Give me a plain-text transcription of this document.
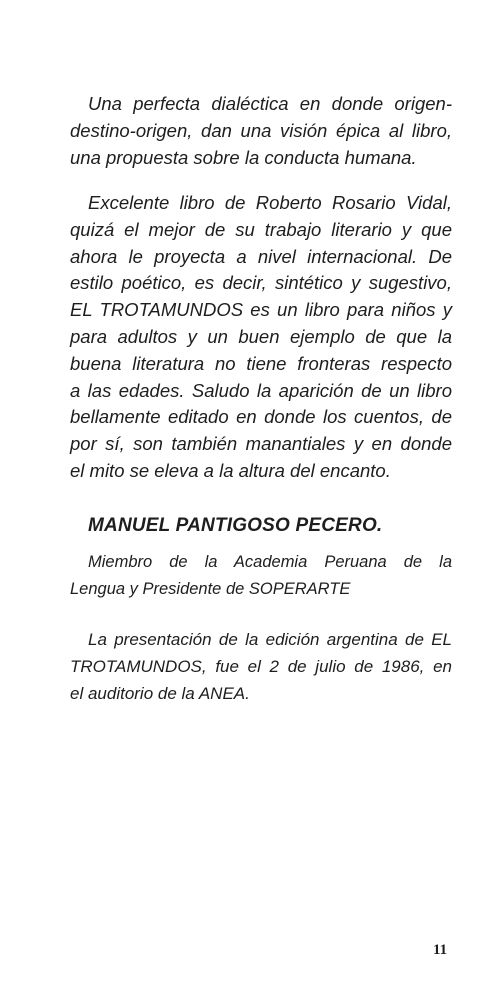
Una perfecta dialéctica en donde origen-
destino-origen, dan una visión épica al libro,
una propuesta sobre la conducta humana.

Excelente libro de Roberto Rosario Vidal,
quizá el mejor de su trabajo literario y que
ahora le proyecta a nivel internacional. De
estilo poético, es decir, sintético y sugestivo,
EL TROTAMUNDOS es un libro para niños y
para adultos y un buen ejemplo de que la
buena literatura no tiene fronteras respecto
a las edades. Saludo la aparición de un libro
bellamente editado en donde los cuentos, de
por sí, son también manantiales y en donde
el mito se eleva a la altura del encanto.

MANUEL PANTIGOSO PECERO.

Miembro de la Academia Peruana de la
Lengua y Presidente de SOPERARTE

La presentación de la edición argentina de EL
TROTAMUNDOS, fue el 2 de julio de 1986, en
el auditorio de la ANEA.

11
